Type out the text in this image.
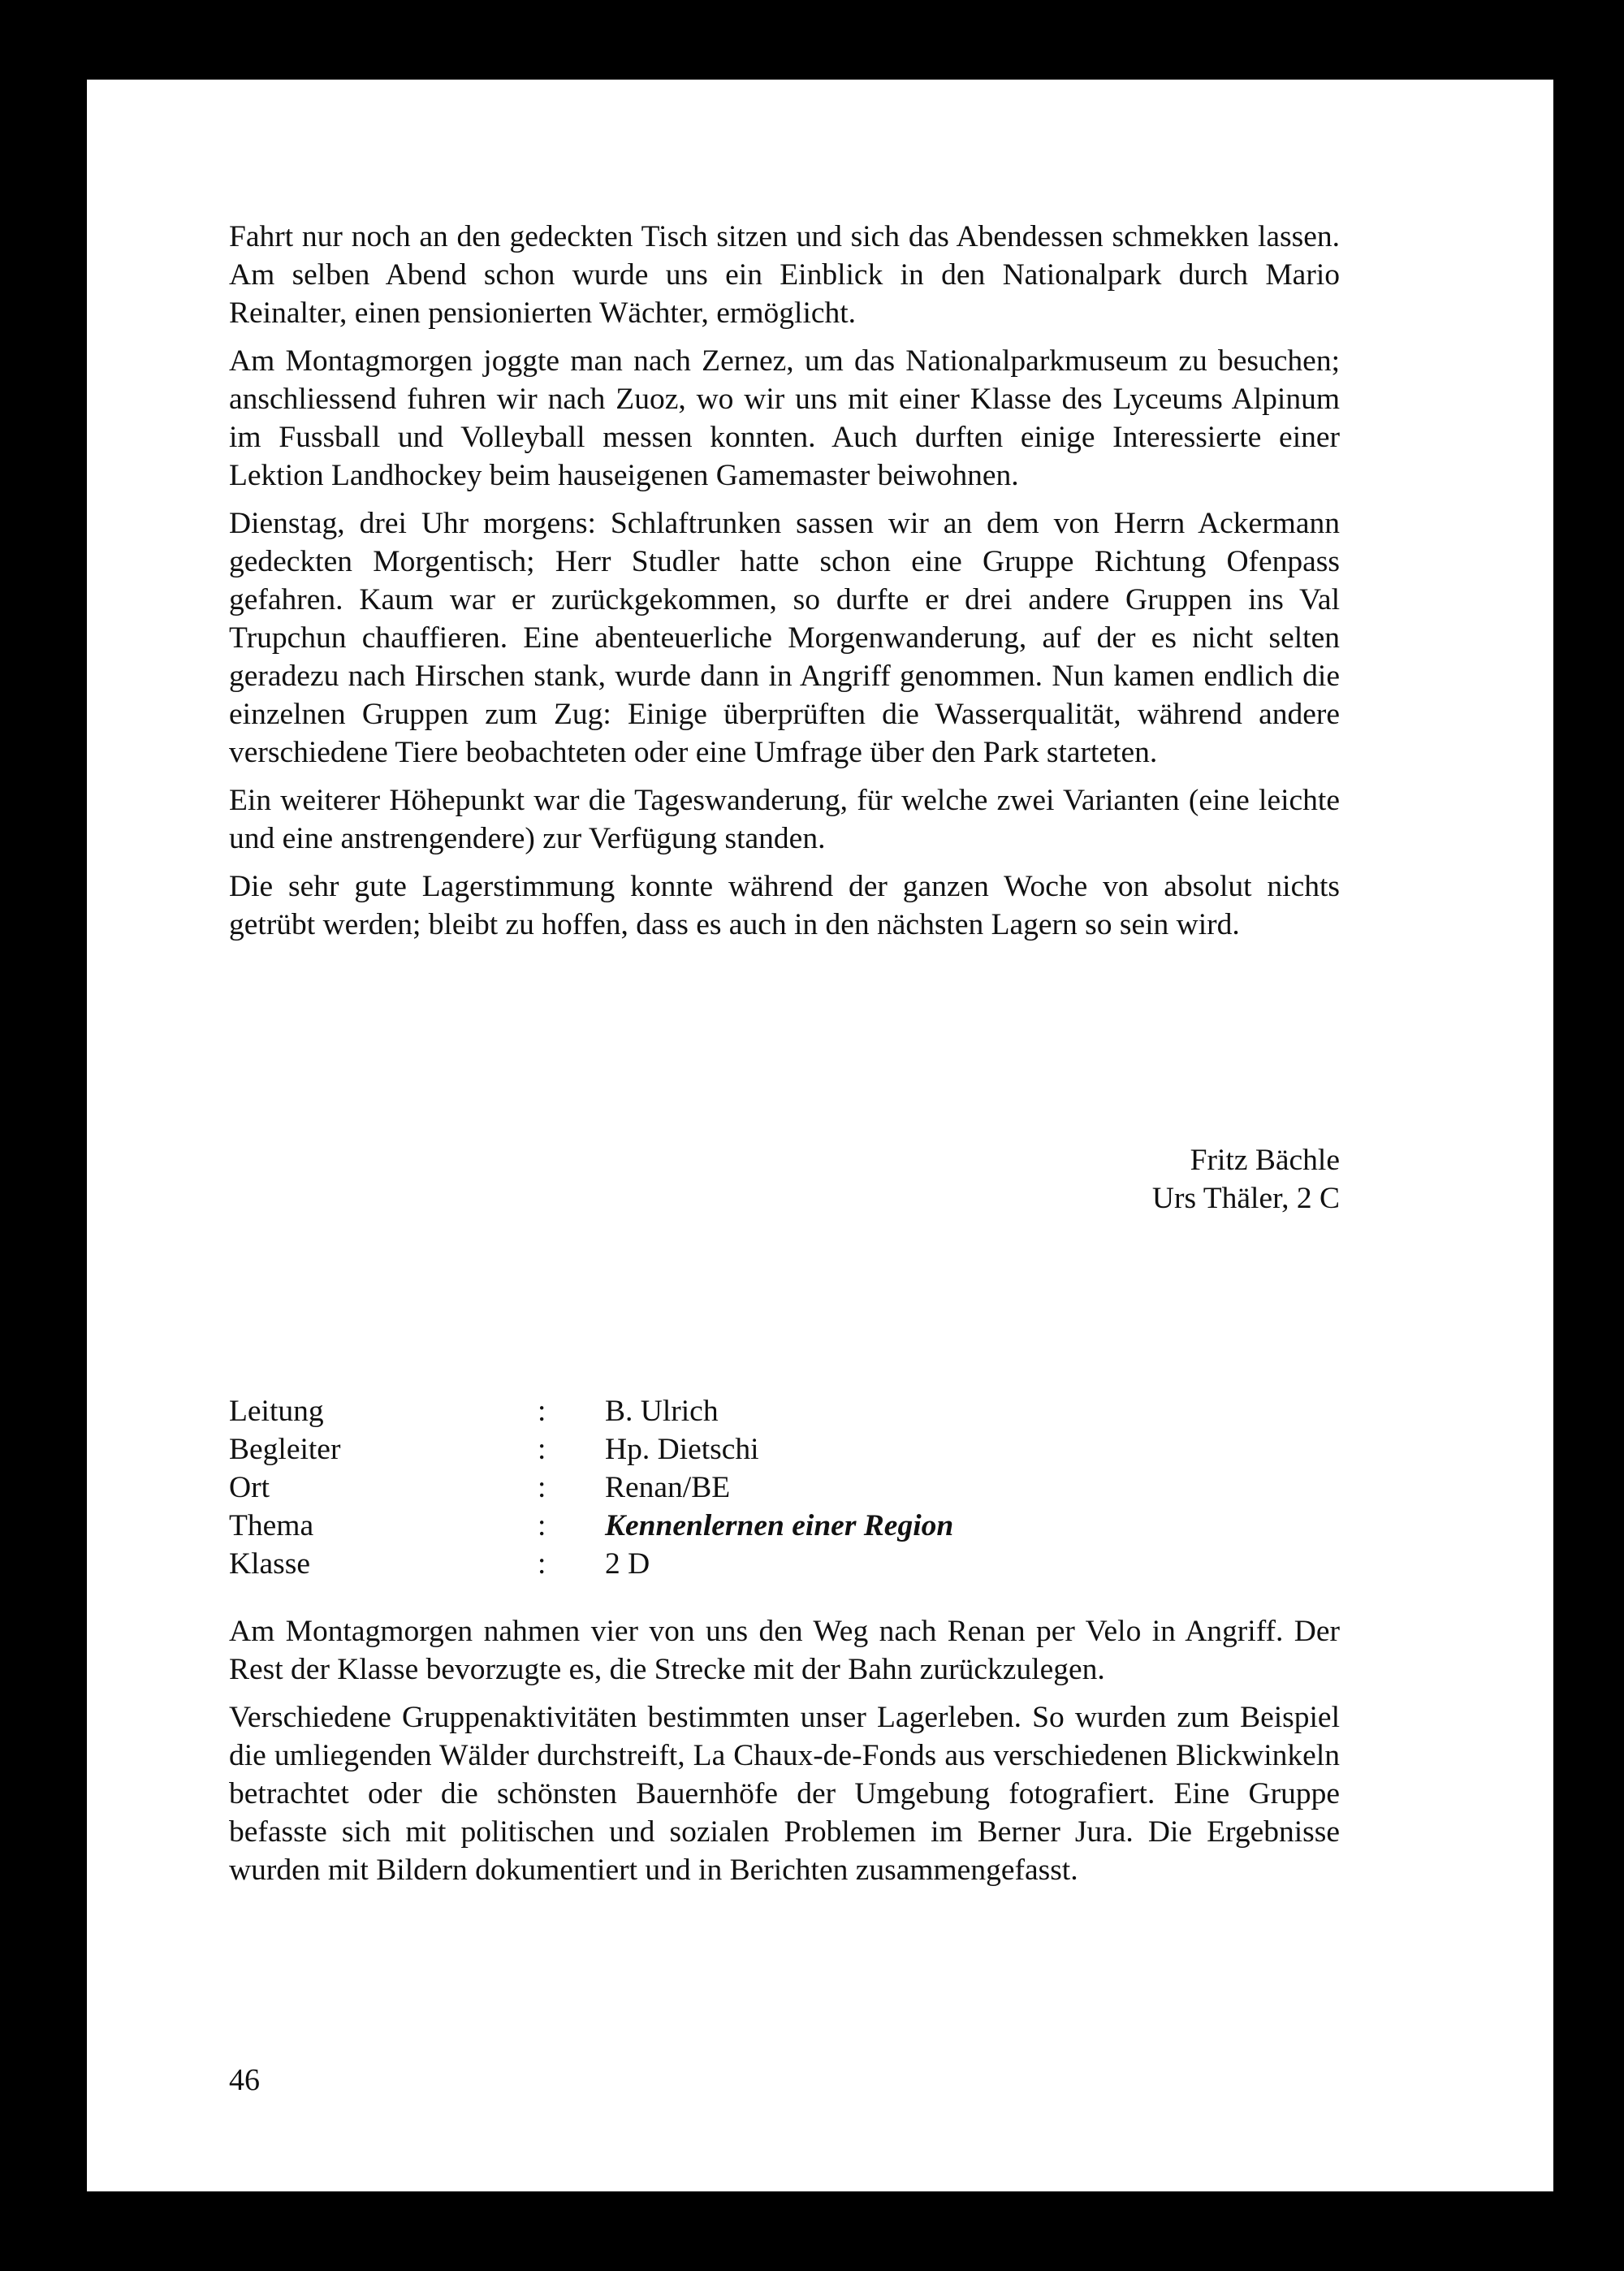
Fahrt nur noch an den gedeckten Tisch sitzen und sich das Abendessen schmekken lassen. Am selben Abend schon wurde uns ein Einblick in den Nationalpark durch Mario Reinalter, einen pensionierten Wächter, ermöglicht.

Am Montagmorgen joggte man nach Zernez, um das Nationalparkmuseum zu besuchen; anschliessend fuhren wir nach Zuoz, wo wir uns mit einer Klasse des Lyceums Alpinum im Fussball und Volleyball messen konnten. Auch durften einige Interessierte einer Lektion Landhockey beim hauseigenen Gamemaster beiwohnen.

Dienstag, drei Uhr morgens: Schlaftrunken sassen wir an dem von Herrn Ackermann gedeckten Morgentisch; Herr Studler hatte schon eine Gruppe Richtung Ofenpass gefahren. Kaum war er zurückgekommen, so durfte er drei andere Gruppen ins Val Trupchun chauffieren. Eine abenteuerliche Morgenwanderung, auf der es nicht selten geradezu nach Hirschen stank, wurde dann in Angriff genommen. Nun kamen endlich die einzelnen Gruppen zum Zug: Einige überprüften die Wasserqualität, während andere verschiedene Tiere beobachteten oder eine Umfrage über den Park starteten.

Ein weiterer Höhepunkt war die Tageswanderung, für welche zwei Varianten (eine leichte und eine anstrengendere) zur Verfügung standen.

Die sehr gute Lagerstimmung konnte während der ganzen Woche von absolut nichts getrübt werden; bleibt zu hoffen, dass es auch in den nächsten Lagern so sein wird.

Fritz Bächle
Urs Thäler, 2 C
Leitung	:	B. Ulrich
Begleiter	:	Hp. Dietschi
Ort	:	Renan/BE
Thema	:	Kennenlernen einer Region
Klasse	:	2 D

Am Montagmorgen nahmen vier von uns den Weg nach Renan per Velo in Angriff. Der Rest der Klasse bevorzugte es, die Strecke mit der Bahn zurückzulegen.

Verschiedene Gruppenaktivitäten bestimmten unser Lagerleben. So wurden zum Beispiel die umliegenden Wälder durchstreift, La Chaux-de-Fonds aus verschiedenen Blickwinkeln betrachtet oder die schönsten Bauernhöfe der Umgebung fotografiert. Eine Gruppe befasste sich mit politischen und sozialen Problemen im Berner Jura. Die Ergebnisse wurden mit Bildern dokumentiert und in Berichten zusammengefasst.

46
